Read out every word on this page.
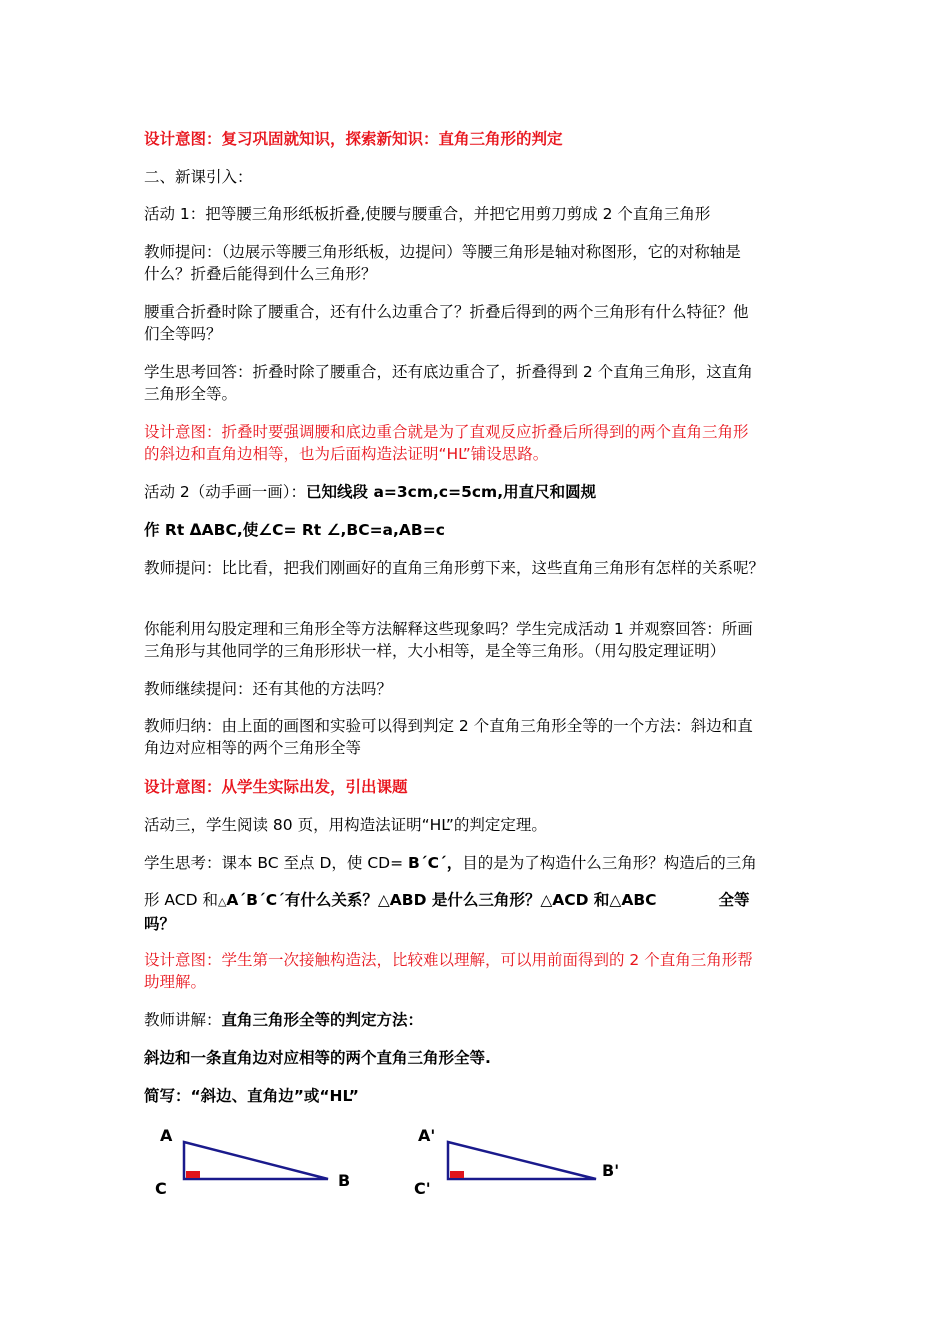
设计意图：复习巩固就知识，探索新知识：直角三角形的判定

二、新课引入：

活动 1：把等腰三角形纸板折叠,使腰与腰重合，并把它用剪刀剪成 2 个直角三角形

教师提问：（边展示等腰三角形纸板，边提问）等腰三角形是轴对称图形，它的对称轴是
什么？折叠后能得到什么三角形？

腰重合折叠时除了腰重合，还有什么边重合了？折叠后得到的两个三角形有什么特征？他
们全等吗？

学生思考回答：折叠时除了腰重合，还有底边重合了，折叠得到 2 个直角三角形，这直角
三角形全等。

设计意图：折叠时要强调腰和底边重合就是为了直观反应折叠后所得到的两个直角三角形
的斜边和直角边相等，也为后面构造法证明“HL”铺设思路。

活动 2（动手画一画）：已知线段 a=3cm,c=5cm,用直尺和圆规

作 Rt ΔABC,使∠C= Rt ∠,BC=a,AB=c

教师提问：比比看，把我们刚画好的直角三角形剪下来，这些直角三角形有怎样的关系呢？

你能利用勾股定理和三角形全等方法解释这些现象吗？学生完成活动 1 并观察回答：所画
三角形与其他同学的三角形形状一样，大小相等，是全等三角形。（用勾股定理证明）

教师继续提问：还有其他的方法吗？

教师归纳：由上面的画图和实验可以得到判定 2 个直角三角形全等的一个方法：斜边和直
角边对应相等的两个三角形全等

设计意图：从学生实际出发，引出课题

活动三，学生阅读 80 页，用构造法证明“HL”的判定定理。

学生思考：课本 BC 至点 D，使 CD= B´C´，目的是为了构造什么三角形？构造后的三角

形 ACD 和△A´B´C´有什么关系？△ABD 是什么三角形？△ACD 和△ABC	全等
吗？

设计意图：学生第一次接触构造法，比较难以理解，可以用前面得到的 2 个直角三角形帮
助理解。

教师讲解：直角三角形全等的判定方法：

斜边和一条直角边对应相等的两个直角三角形全等.

简写：“斜边、直角边”或“HL”

A
B
C
A'
B'
C'
